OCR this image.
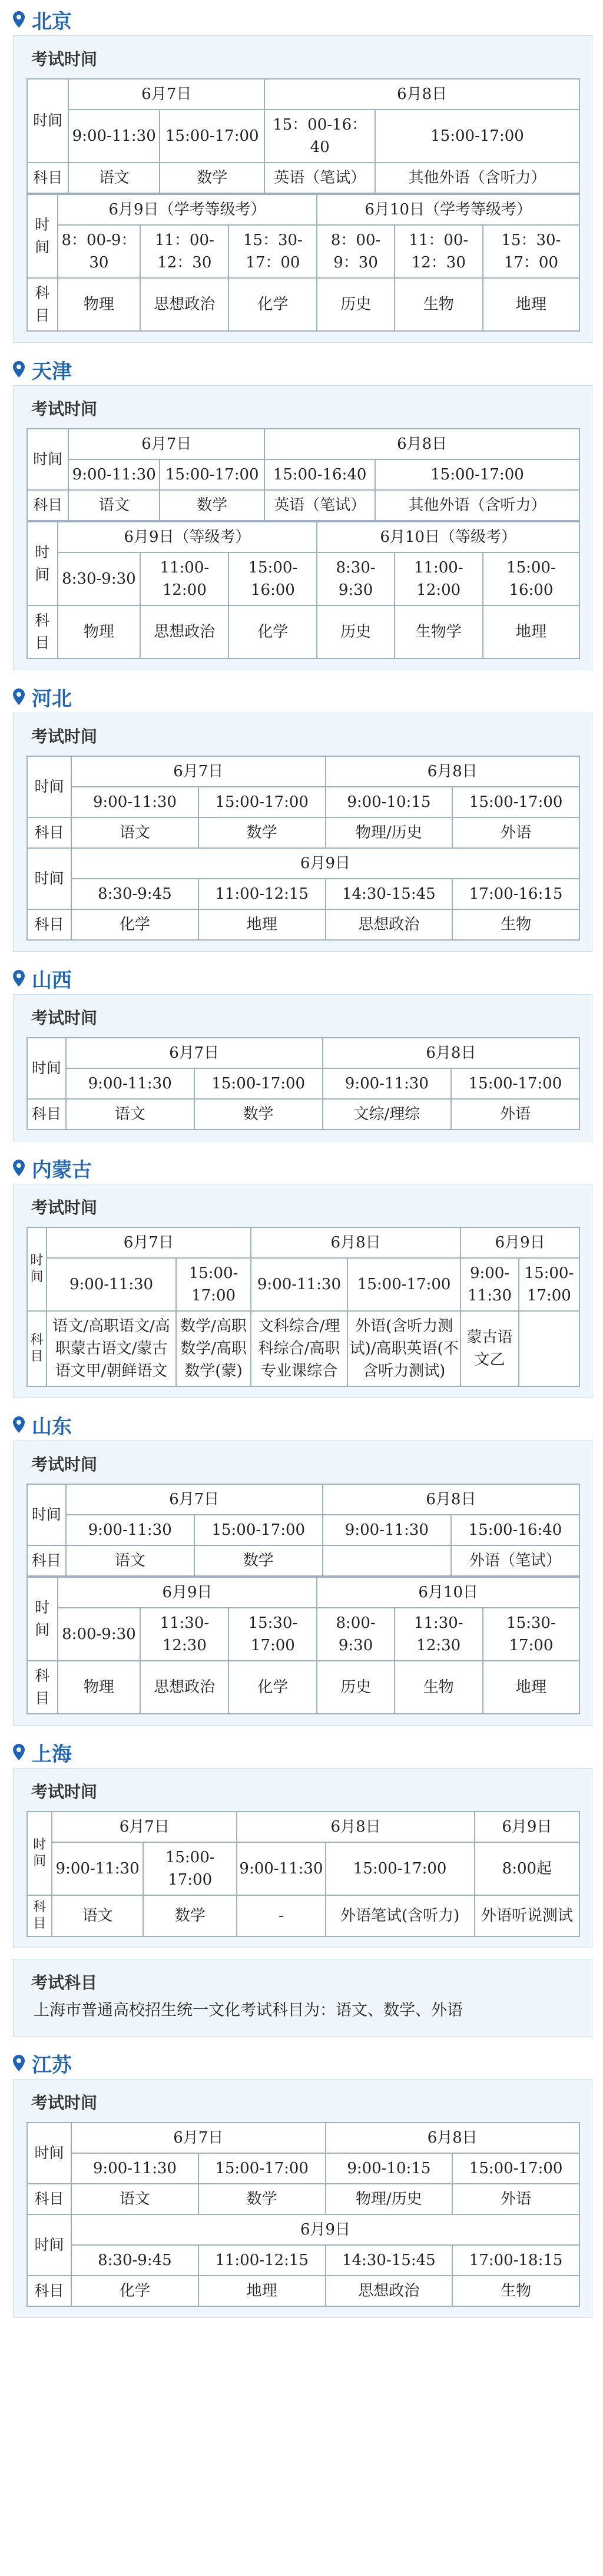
北京
考试时间
时间	6月7日		6月8日	
	9:00-11:30	15:00-17:00	15：00-16：40	15:00-17:00
科目	语文	数学	英语（笔试）	其他外语（含听力）
时间	6月9日（学考等级考）			6月10日（学考等级考）		
	8：00-9：30	11：00-12：30	15：30-17：00	8：00-9：30	11：00-12：30	15：30-17：00
科目	物理	思想政治	化学	历史	生物	地理
天津
考试时间
时间	6月7日		6月8日	
	9:00-11:30	15:00-17:00	15:00-16:40	15:00-17:00
科目	语文	数学	英语（笔试）	其他外语（含听力）
时间	6月9日（等级考）			6月10日（等级考）		
	8:30-9:30	11:00-12:00	15:00-16:00	8:30-9:30	11:00-12:00	15:00-16:00
科目	物理	思想政治	化学	历史	生物学	地理
河北
考试时间
时间	6月7日		6月8日	
	9:00-11:30	15:00-17:00	9:00-10:15	15:00-17:00
科目	语文	数学	物理/历史	外语
时间	6月9日			
	8:30-9:45	11:00-12:15	14:30-15:45	17:00-16:15
科目	化学	地理	思想政治	生物
山西
考试时间
时间	6月7日		6月8日	
	9:00-11:30	15:00-17:00	9:00-11:30	15:00-17:00
科目	语文	数学	文综/理综	外语
内蒙古
考试时间
时间	6月7日		6月8日		6月9日	
	9:00-11:30	15:00-17:00	9:00-11:30	15:00-17:00	9:00-11:30	15:00-17:00
科目	语文/高职语文/高职蒙古语文/蒙古语文甲/朝鲜语文	数学/高职数学/高职数学(蒙)	文科综合/理科综合/高职专业课综合	外语(含听力测试)/高职英语(不含听力测试)	蒙古语文乙	
山东
考试时间
时间	6月7日		6月8日	
	9:00-11:30	15:00-17:00	9:00-11:30	15:00-16:40
科目	语文	数学		外语（笔试）
时间	6月9日			6月10日		
	8:00-9:30	11:30-12:30	15:30-17:00	8:00-9:30	11:30-12:30	15:30-17:00
科目	物理	思想政治	化学	历史	生物	地理
上海
考试时间
时间	6月7日		6月8日		6月9日
	9:00-11:30	15:00-17:00	9:00-11:30	15:00-17:00	8:00起
科目	语文	数学	-	外语笔试(含听力)	外语听说测试
考试科目
上海市普通高校招生统一文化考试科目为：语文、数学、外语
江苏
考试时间
时间	6月7日		6月8日	
	9:00-11:30	15:00-17:00	9:00-10:15	15:00-17:00
科目	语文	数学	物理/历史	外语
时间	6月9日			
	8:30-9:45	11:00-12:15	14:30-15:45	17:00-18:15
科目	化学	地理	思想政治	生物
